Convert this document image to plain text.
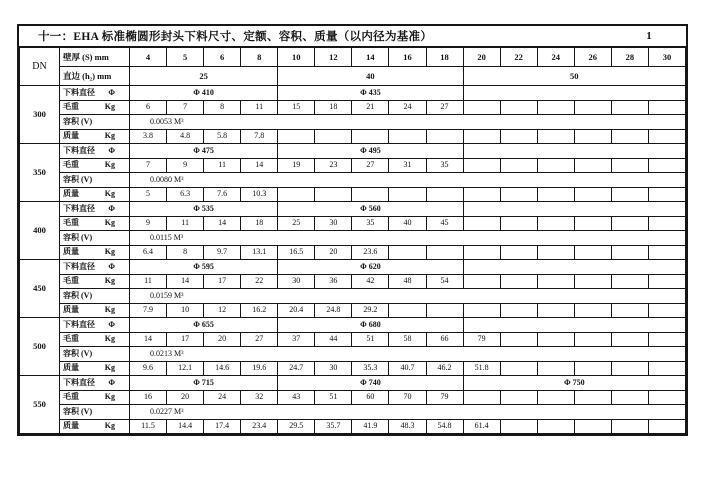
十一：EHA 标准椭圆形封头下料尺寸、定额、容积、质量（以内径为基准）	1
DN	壁厚 (S) mm	4	5	6	8	10	12	14	16	18	20	22	24	26	28	30
	直边 (h₂) mm	25				40					50					
300	下料直径 Φ	Φ 410				Φ 435										

	毛重 Kg	6	7	8	11	15	18	21	24	27						
	容积 (V)	0.0053 M³														

	质量 Kg	3.8	4.8	5.8	7.8											
350	下料直径 Φ	Φ 475				Φ 495										

	毛重 Kg	7	9	11	14	19	23	27	31	35						
	容积 (V)	0.0080 M³														

	质量 Kg	5	6.3	7.6	10.3											
400	下料直径 Φ	Φ 535				Φ 560										

	毛重 Kg	9	11	14	18	25	30	35	40	45						
	容积 (V)	0.0115 M³														

	质量 Kg	6.4	8	9.7	13.1	16.5	20	23.6								
450	下料直径 Φ	Φ 595				Φ 620										

	毛重 Kg	11	14	17	22	30	36	42	48	54						
	容积 (V)	0.0159 M³														

	质量 Kg	7.9	10	12	16.2	20.4	24.8	29.2								
500	下料直径 Φ	Φ 655				Φ 680										

	毛重 Kg	14	17	20	27	37	44	51	58	66	79					
	容积 (V)	0.0213 M³														

	质量 Kg	9.6	12.1	14.6	19.6	24.7	30	35.3	40.7	46.2	51.8					
550	下料直径 Φ	Φ 715				Φ 740					Φ 750					

	毛重 Kg	16	20	24	32	43	51	60	70	79						
	容积 (V)	0.0227 M³														

	质量 Kg	11.5	14.4	17.4	23.4	29.5	35.7	41.9	48.3	54.8	61.4					
